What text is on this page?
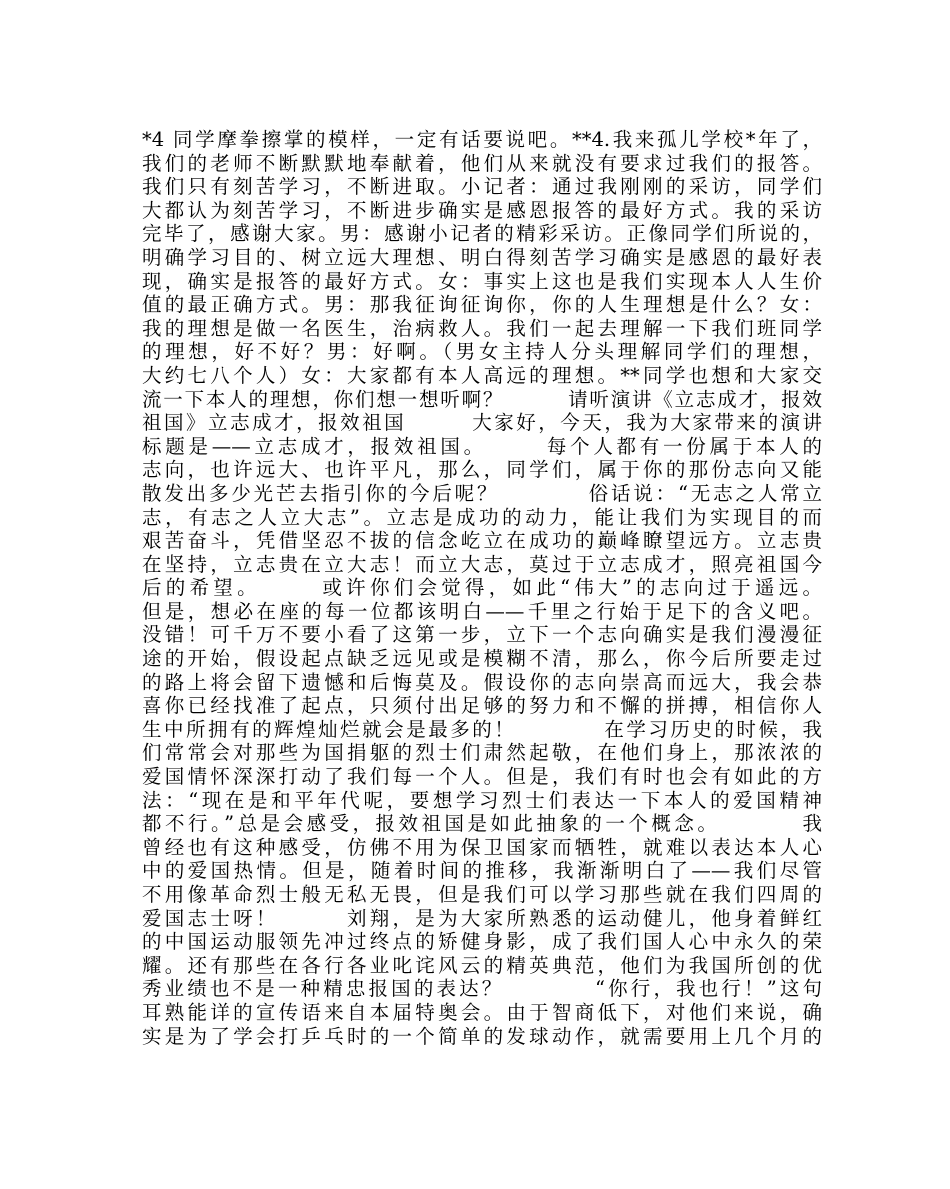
*4 同学摩拳擦掌的模样，一定有话要说吧。**4.我来孤儿学校*年了，
我们的老师不断默默地奉献着，他们从来就没有要求过我们的报答。
我们只有刻苦学习，不断进取。小记者：通过我刚刚的采访，同学们
大都认为刻苦学习，不断进步确实是感恩报答的最好方式。我的采访
完毕了，感谢大家。男：感谢小记者的精彩采访。正像同学们所说的，
明确学习目的、树立远大理想、明白得刻苦学习确实是感恩的最好表
现，确实是报答的最好方式。女：事实上这也是我们实现本人人生价
值的最正确方式。男：那我征询征询你，你的人生理想是什么？女：
我的理想是做一名医生，治病救人。我们一起去理解一下我们班同学
的理想，好不好？男：好啊。（男女主持人分头理解同学们的理想，
大约七八个人）女：大家都有本人高远的理想。**同学也想和大家交
流一下本人的理想，你们想一想听啊？　　　请听演讲《立志成才，报效
祖国》立志成才，报效祖国　　　大家好，今天，我为大家带来的演讲
标题是——立志成才，报效祖国。　　　每个人都有一份属于本人的
志向，也许远大、也许平凡，那么，同学们，属于你的那份志向又能
散发出多少光芒去指引你的今后呢？　　　　俗话说：“无志之人常立
志，有志之人立大志”。立志是成功的动力，能让我们为实现目的而
艰苦奋斗，凭借坚忍不拔的信念屹立在成功的巅峰瞭望远方。立志贵
在坚持，立志贵在立大志！而立大志，莫过于立志成才，照亮祖国今
后的希望。　　　或许你们会觉得，如此“伟大”的志向过于遥远。
但是，想必在座的每一位都该明白——千里之行始于足下的含义吧。
没错！可千万不要小看了这第一步，立下一个志向确实是我们漫漫征
途的开始，假设起点缺乏远见或是模糊不清，那么，你今后所要走过
的路上将会留下遗憾和后悔莫及。假设你的志向崇高而远大，我会恭
喜你已经找准了起点，只须付出足够的努力和不懈的拼搏，相信你人
生中所拥有的辉煌灿烂就会是最多的！　　　　在学习历史的时候，我
们常常会对那些为国捐躯的烈士们肃然起敬，在他们身上，那浓浓的
爱国情怀深深打动了我们每一个人。但是，我们有时也会有如此的方
法：“现在是和平年代呢，要想学习烈士们表达一下本人的爱国精神
都不行。”总是会感受，报效祖国是如此抽象的一个概念。　　　　我
曾经也有这种感受，仿佛不用为保卫国家而牺牲，就难以表达本人心
中的爱国热情。但是，随着时间的推移，我渐渐明白了——我们尽管
不用像革命烈士般无私无畏，但是我们可以学习那些就在我们四周的
爱国志士呀！　　　刘翔，是为大家所熟悉的运动健儿，他身着鲜红
的中国运动服领先冲过终点的矫健身影，成了我们国人心中永久的荣
耀。还有那些在各行各业叱诧风云的精英典范，他们为我国所创的优
秀业绩也不是一种精忠报国的表达？　　　　“你行，我也行！”这句
耳熟能详的宣传语来自本届特奥会。由于智商低下，对他们来说，确
实是为了学会打乒乓时的一个简单的发球动作，就需要用上几个月的
